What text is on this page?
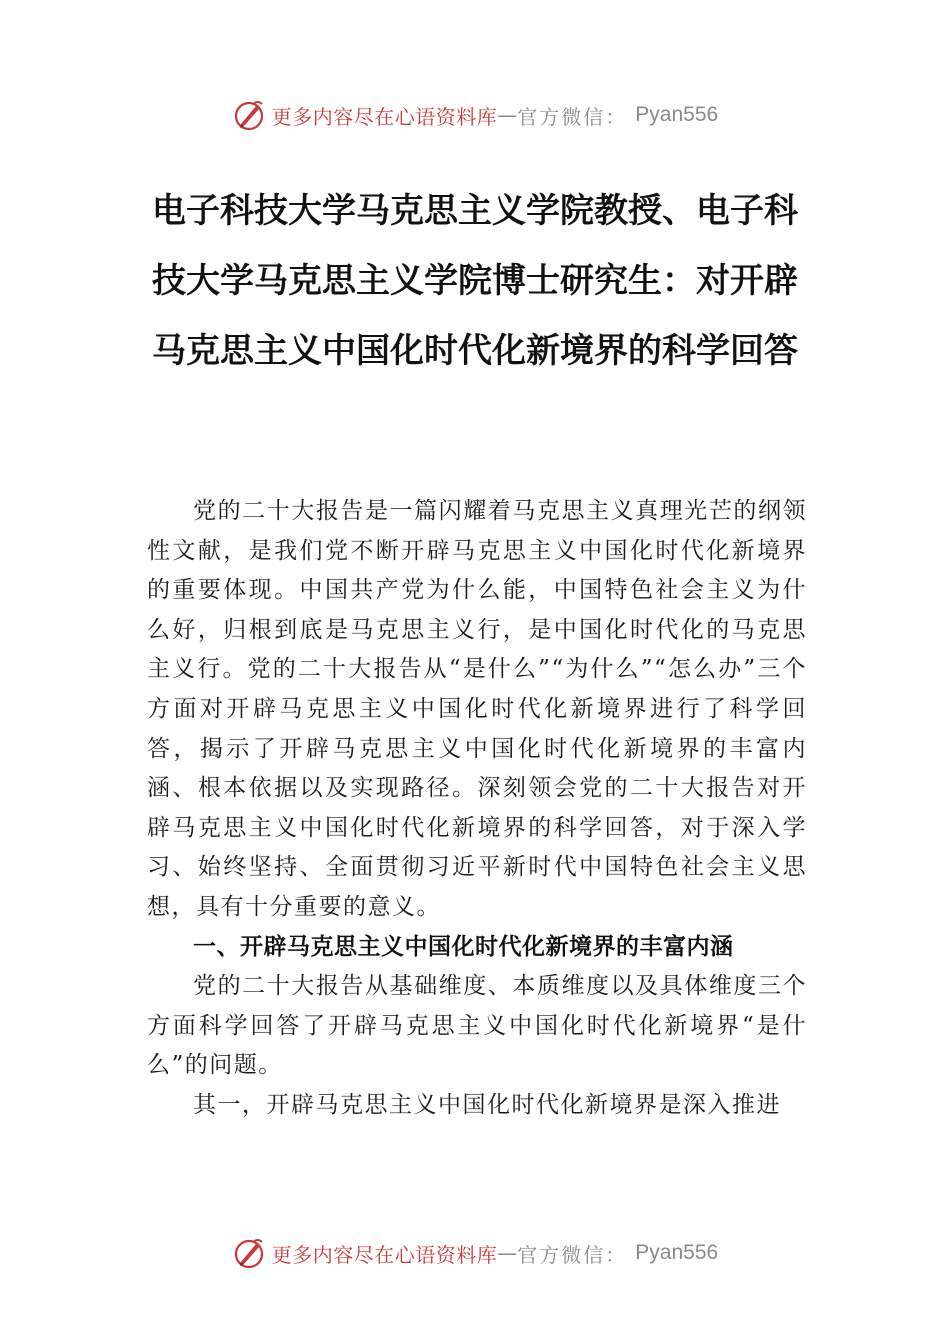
更多内容尽在心语资料库 — 官方微信： Pyan556
电子科技大学马克思主义学院教授、电子科技大学马克思主义学院博士研究生：对开辟马克思主义中国化时代化新境界的科学回答

党的二十大报告是一篇闪耀着马克思主义真理光芒的纲领性文献，是我们党不断开辟马克思主义中国化时代化新境界的重要体现。中国共产党为什么能，中国特色社会主义为什么好，归根到底是马克思主义行，是中国化时代化的马克思主义行。党的二十大报告从“是什么”“为什么”“怎么办”三个方面对开辟马克思主义中国化时代化新境界进行了科学回答，揭示了开辟马克思主义中国化时代化新境界的丰富内涵、根本依据以及实现路径。深刻领会党的二十大报告对开辟马克思主义中国化时代化新境界的科学回答，对于深入学习、始终坚持、全面贯彻习近平新时代中国特色社会主义思想，具有十分重要的意义。

一、开辟马克思主义中国化时代化新境界的丰富内涵

党的二十大报告从基础维度、本质维度以及具体维度三个方面科学回答了开辟马克思主义中国化时代化新境界“是什么”的问题。

其一，开辟马克思主义中国化时代化新境界是深入推进

更多内容尽在心语资料库 — 官方微信： Pyan556
